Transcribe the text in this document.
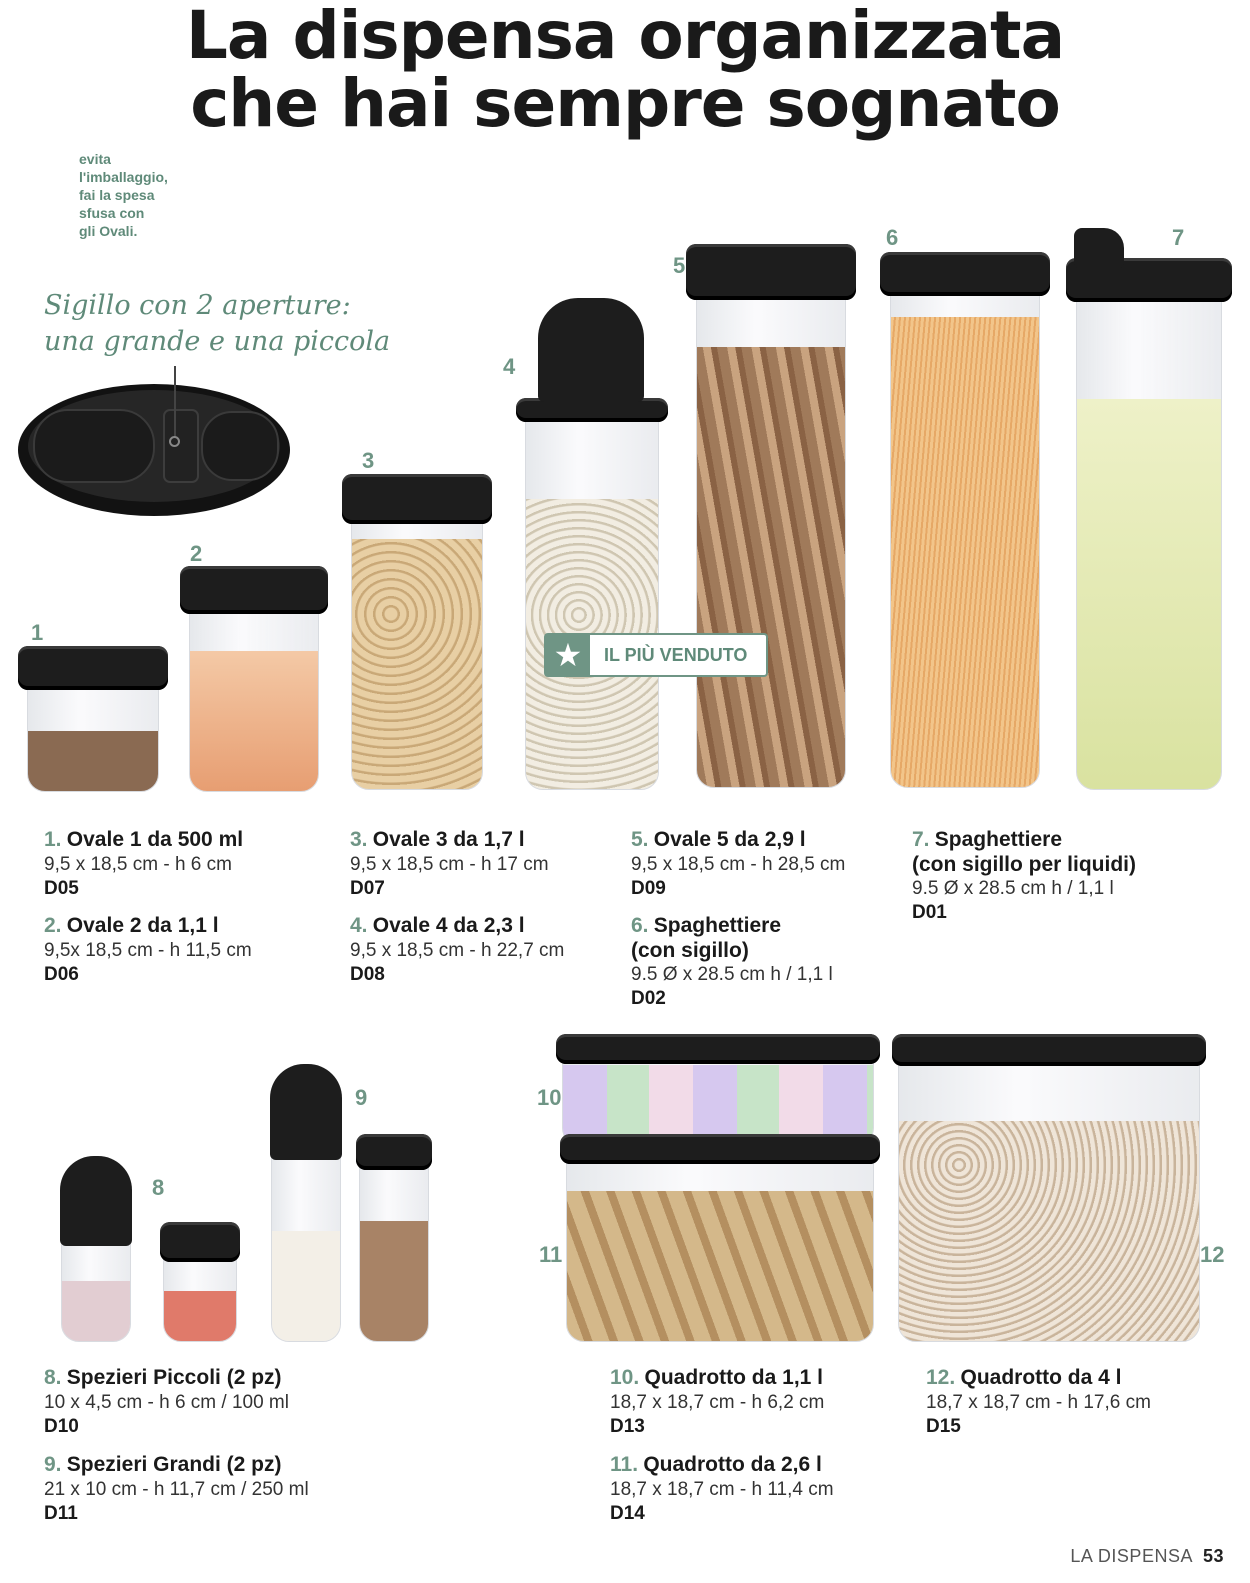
La dispensa organizzata
che hai sempre sognato
evita
l'imballaggio,
fai la spesa
sfusa con
gli Ovali.
Sigillo con 2 aperture:
una grande e una piccola
1
2
3
4
5
6	7
★	IL PIÙ VENDUTO
1. Ovale 1 da 500 ml
9,5 x 18,5 cm - h 6 cm
D05
2. Ovale 2 da 1,1 l
9,5x 18,5 cm - h 11,5 cm
D06
3. Ovale 3 da 1,7 l
9,5 x 18,5 cm - h 17 cm
D07
4. Ovale 4 da 2,3 l
9,5 x 18,5 cm - h 22,7 cm
D08
5. Ovale 5 da 2,9 l
9,5 x 18,5 cm - h 28,5 cm
D09
6. Spaghettiere
(con sigillo)
9.5 Ø x 28.5 cm h / 1,1 l
D02
7. Spaghettiere
(con sigillo per liquidi)
9.5 Ø x 28.5 cm h / 1,1 l
D01
8
9	10
11	12
8. Spezieri Piccoli (2 pz)
10 x 4,5 cm - h 6 cm / 100 ml
D10
9. Spezieri Grandi (2 pz)
21 x 10 cm - h 11,7 cm / 250 ml
D11
10. Quadrotto da 1,1 l
18,7 x 18,7 cm - h 6,2 cm
D13
11. Quadrotto da 2,6 l
18,7 x 18,7 cm - h 11,4 cm
D14
12. Quadrotto da 4 l
18,7 x 18,7 cm - h 17,6 cm
D15
LA DISPENSA 53
